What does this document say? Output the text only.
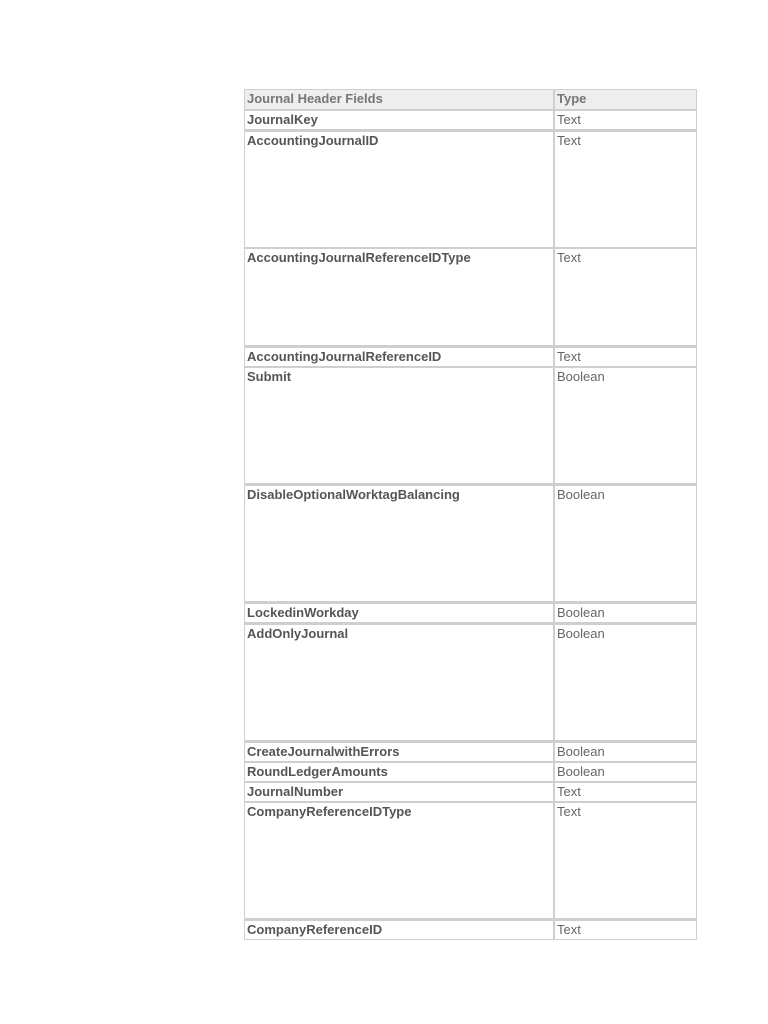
Journal Header Fields	Type
JournalKey	Text
AccountingJournalID	Text
AccountingJournalReferenceIDType	Text
AccountingJournalReferenceID	Text
Submit	Boolean
DisableOptionalWorktagBalancing	Boolean
LockedinWorkday	Boolean
AddOnlyJournal	Boolean
CreateJournalwithErrors	Boolean
RoundLedgerAmounts	Boolean
JournalNumber	Text
CompanyReferenceIDType	Text
CompanyReferenceID	Text
